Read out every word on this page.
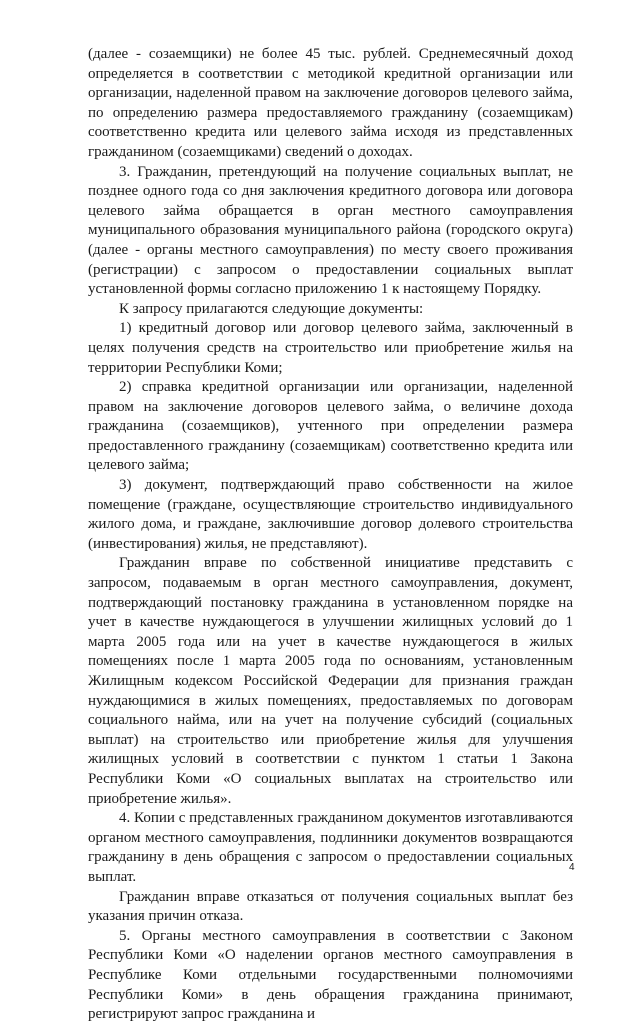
(далее - созаемщики) не более 45 тыс. рублей. Среднемесячный доход определяется в соответствии с методикой кредитной организации или организации, наделенной правом на заключение договоров целевого займа, по определению размера предоставляемого гражданину (созаемщикам) соответственно кредита или целевого займа исходя из представленных гражданином (созаемщиками) сведений о доходах.

3. Гражданин, претендующий на получение социальных выплат, не позднее одного года со дня заключения кредитного договора или договора целевого займа обращается в орган местного самоуправления муниципального образования муниципального района (городского округа) (далее - органы местного самоуправления) по месту своего проживания (регистрации) с запросом о предоставлении социальных выплат установленной формы согласно приложению 1 к настоящему Порядку.

К запросу прилагаются следующие документы:

1) кредитный договор или договор целевого займа, заключенный в целях получения средств на строительство или приобретение жилья на территории Республики Коми;

2) справка кредитной организации или организации, наделенной правом на заключение договоров целевого займа, о величине дохода гражданина (созаемщиков), учтенного при определении размера предоставленного гражданину (созаемщикам) соответственно кредита или целевого займа;

3) документ, подтверждающий право собственности на жилое помещение (гражданe, осуществляющие строительство индивидуального жилого дома, и граждане, заключившие договор долевого строительства (инвестирования) жилья, не представляют).

Гражданин вправе по собственной инициативе представить с запросом, подаваемым в орган местного самоуправления, документ, подтверждающий постановку гражданина в установленном порядке на учет в качестве нуждающегося в улучшении жилищных условий до 1 марта 2005 года или на учет в качестве нуждающегося в жилых помещениях после 1 марта 2005 года по основаниям, установленным Жилищным кодексом Российской Федерации для признания граждан нуждающимися в жилых помещениях, предоставляемых по договорам социального найма, или на учет на получение субсидий (социальных выплат) на строительство или приобретение жилья для улучшения жилищных условий в соответствии с пунктом 1 статьи 1 Закона Республики Коми «О социальных выплатах на строительство или приобретение жилья».

4. Копии с представленных гражданином документов изготавливаются органом местного самоуправления, подлинники документов возвращаются гражданину в день обращения с запросом о предоставлении социальных выплат.

Гражданин вправе отказаться от получения социальных выплат без указания причин отказа.

5. Органы местного самоуправления в соответствии с Законом Республики Коми «О наделении органов местного самоуправления в Республике Коми отдельными государственными полномочиями Республики Коми» в день обращения гражданина принимают, регистрируют запрос гражданина и

4
